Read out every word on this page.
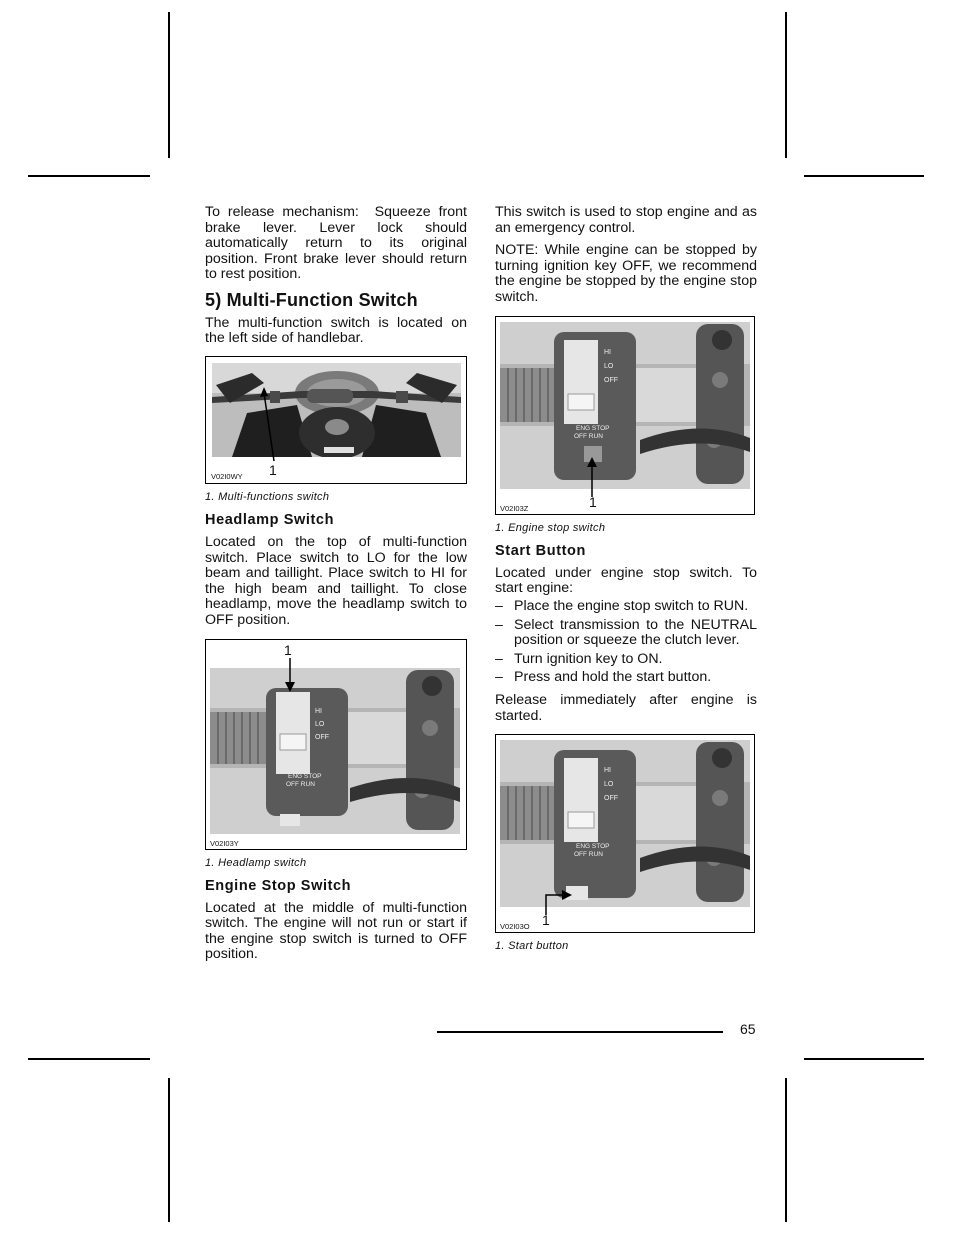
To release mechanism: Squeeze front brake lever. Lever lock should automatically return to its original position. Front brake lever should return to rest position.

5) Multi-Function Switch

The multi-function switch is located on the left side of handlebar.

V02I0WY 1
1. Multi-functions switch
Headlamp Switch

Located on the top of multi-function switch. Place switch to LO for the low beam and taillight. Place switch to HI for the high beam and taillight. To close headlamp, move the headlamp switch to OFF position.

HI
LO
OFF
ENG STOP
OFF RUN
1
V02I03Y
1. Headlamp switch
Engine Stop Switch

Located at the middle of multi-function switch. The engine will not run or start if the engine stop switch is turned to OFF position.

This switch is used to stop engine and as an emergency control.

NOTE: While engine can be stopped by turning ignition key OFF, we recommend the engine be stopped by the engine stop switch.

HI
LO
OFF
ENG STOP
OFF RUN
V02I03Z	1
1. Engine stop switch
Start Button

Located under engine stop switch. To start engine:

– Place the engine stop switch to RUN.
– Select transmission to the NEUTRAL position or squeeze the clutch lever.
– Turn ignition key to ON.
– Press and hold the start button.

Release immediately after engine is started.

HI
LO
OFF
ENG STOP
OFF RUN
V02I03O 1
1. Start button
65
